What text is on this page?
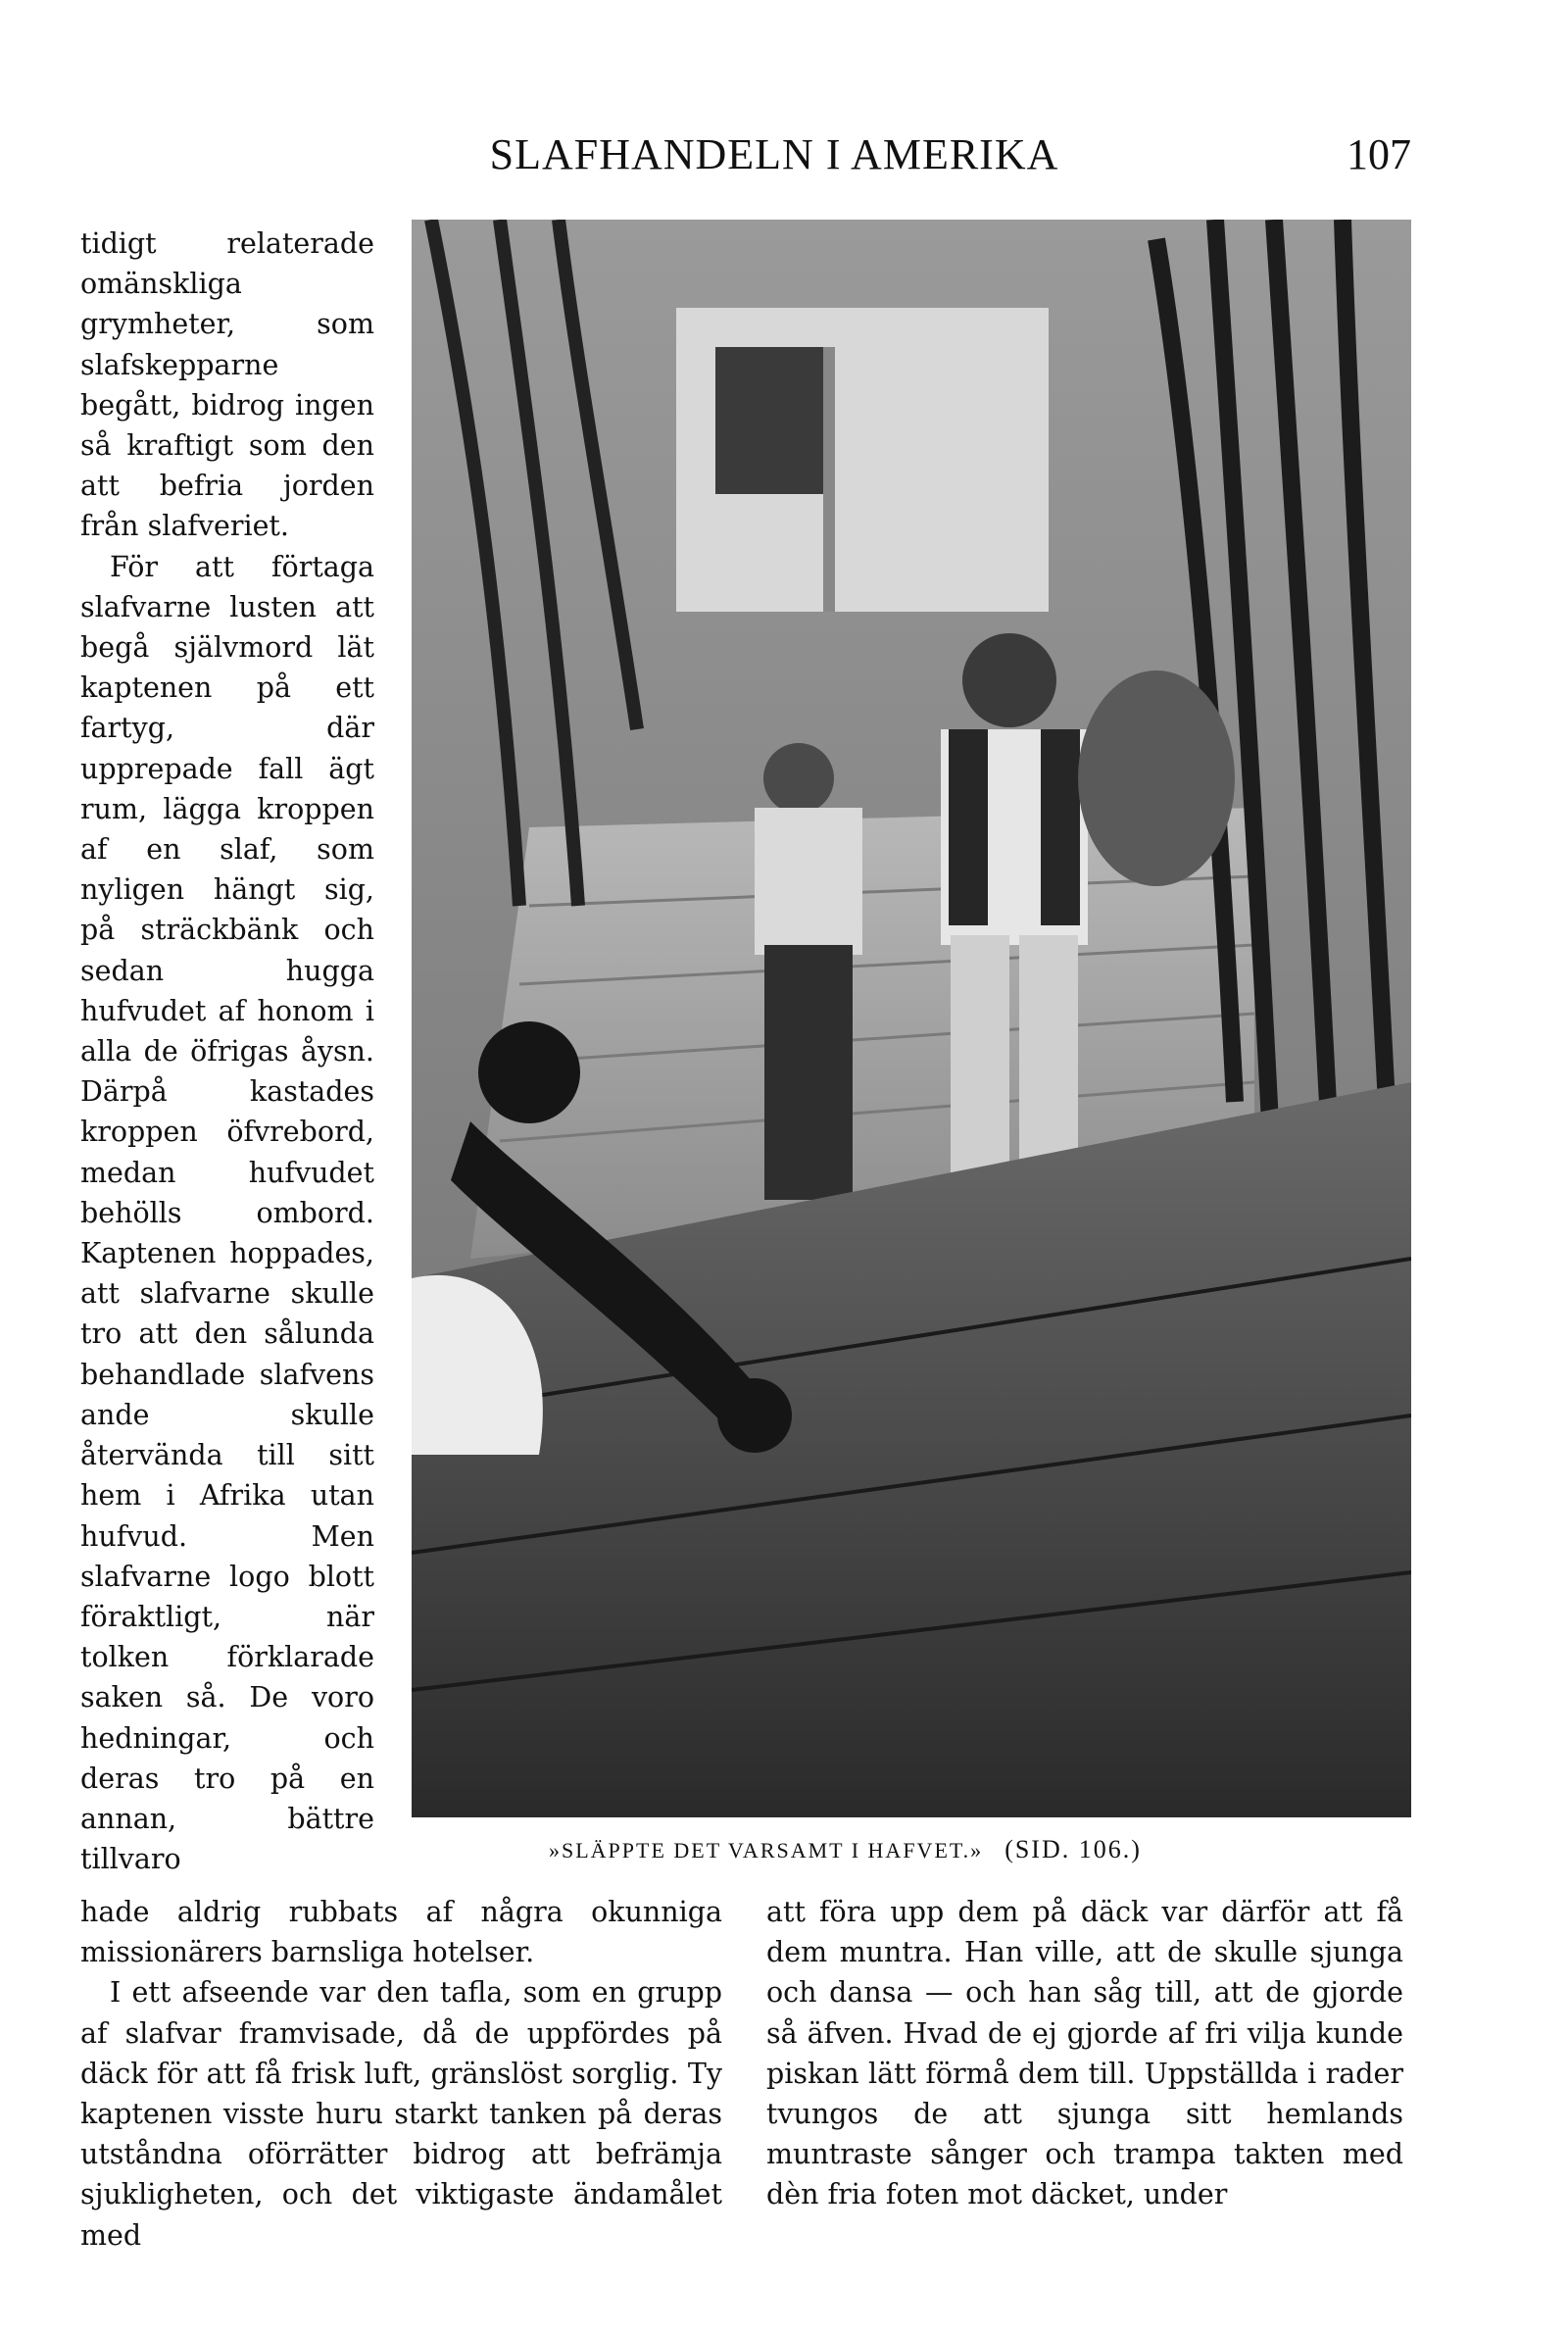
SLAFHANDELN I AMERIKA	107

tidigt relaterade omänskliga grymheter, som slafskepparne begått, bidrog ingen så kraftigt som den att befria jorden från slafveriet.

För att förtaga slafvarne lusten att begå självmord lät kaptenen på ett fartyg, där upprepade fall ägt rum, lägga kroppen af en slaf, som nyligen hängt sig, på sträckbänk och sedan hugga hufvudet af honom i alla de öfrigas åysn. Därpå kastades kroppen öfvrebord, medan hufvudet behölls ombord. Kaptenen hoppades, att slafvarne skulle tro att den sålunda behandlade slafvens ande skulle återvända till sitt hem i Afrika utan hufvud. Men slafvarne logo blott föraktligt, när tolken förklarade saken så. De voro hedningar, och deras tro på en annan, bättre tillvaro	»SLÄPPTE DET VARSAMT I HAFVET.» (SID. 106.)

hade aldrig rubbats af några okunniga missionärers barnsliga hotelser.

I ett afseende var den tafla, som en grupp af slafvar framvisade, då de uppfördes på däck för att få frisk luft, gränslöst sorglig. Ty kaptenen visste huru starkt tanken på deras utståndna oförrätter bidrog att befrämja sjukligheten, och det viktigaste ändamålet med

att föra upp dem på däck var därför att få dem muntra. Han ville, att de skulle sjunga och dansa — och han såg till, att de gjorde så äfven. Hvad de ej gjorde af fri vilja kunde piskan lätt förmå dem till. Uppställda i rader tvungos de att sjunga sitt hemlands muntraste sånger och trampa takten med dèn fria foten mot däcket, under
